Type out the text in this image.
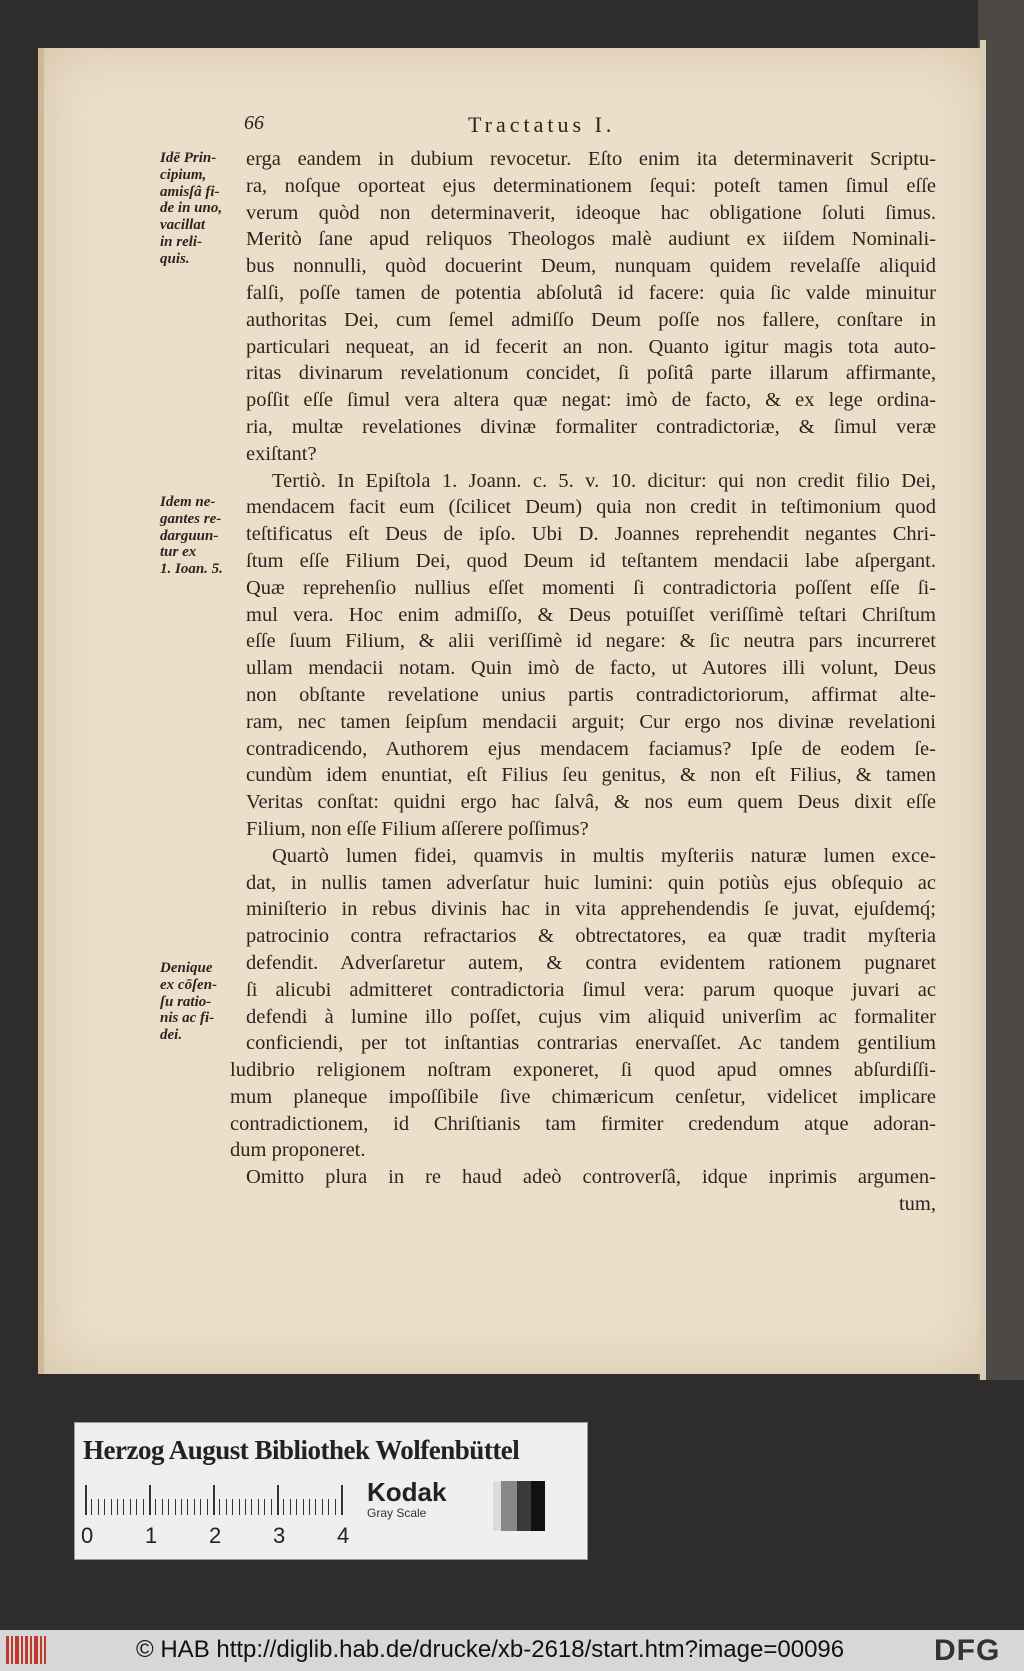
66	Tractatus I.
Idē Prin-
cipium,
amisſâ fi-
de in uno,
vacillat
in reli-
quis.
Idem ne-
gantes re-
darguun-
tur ex
1. Ioan. 5.
Denique
ex cōſen-
ſu ratio-
nis ac fi-
dei.
erga eandem in dubium revocetur. Eſto enim ita determinaverit Scriptu-
ra, noſque oporteat ejus determinationem ſequi: poteſt tamen ſimul eſſe
verum quòd non determinaverit, ideoque hac obligatione ſoluti ſimus.
Meritò ſane apud reliquos Theologos malè audiunt ex iiſdem Nominali-
bus nonnulli, quòd docuerint Deum, nunquam quidem revelaſſe aliquid
falſi, poſſe tamen de potentia abſolutâ id facere: quia ſic valde minuitur
authoritas Dei, cum ſemel admiſſo Deum poſſe nos fallere, conſtare in
particulari nequeat, an id fecerit an non. Quanto igitur magis tota auto-
ritas divinarum revelationum concidet, ſi poſitâ parte illarum affirmante,
poſſit eſſe ſimul vera altera quæ negat: imò de facto, & ex lege ordina-
ria, multæ revelationes divinæ formaliter contradictoriæ, & ſimul veræ
exiſtant?
Tertiò. In Epiſtola 1. Joann. c. 5. v. 10. dicitur: qui non credit filio Dei,
mendacem facit eum (ſcilicet Deum) quia non credit in teſtimonium quod
teſtificatus eſt Deus de ipſo. Ubi D. Joannes reprehendit negantes Chri-
ſtum eſſe Filium Dei, quod Deum id teſtantem mendacii labe aſpergant.
Quæ reprehenſio nullius eſſet momenti ſi contradictoria poſſent eſſe ſi-
mul vera. Hoc enim admiſſo, & Deus potuiſſet veriſſimè teſtari Chriſtum
eſſe ſuum Filium, & alii veriſſimè id negare: & ſic neutra pars incurreret
ullam mendacii notam. Quin imò de facto, ut Autores illi volunt, Deus
non obſtante revelatione unius partis contradictoriorum, affirmat alte-
ram, nec tamen ſeipſum mendacii arguit; Cur ergo nos divinæ revelationi
contradicendo, Authorem ejus mendacem faciamus? Ipſe de eodem ſe-
cundùm idem enuntiat, eſt Filius ſeu genitus, & non eſt Filius, & tamen
Veritas conſtat: quidni ergo hac ſalvâ, & nos eum quem Deus dixit eſſe
Filium, non eſſe Filium aſſerere poſſimus?
Quartò lumen fidei, quamvis in multis myſteriis naturæ lumen exce-
dat, in nullis tamen adverſatur huic lumini: quin potiùs ejus obſequio ac
miniſterio in rebus divinis hac in vita apprehendendis ſe juvat, ejuſdemq́;
patrocinio contra refractarios & obtrectatores, ea quæ tradit myſteria
defendit. Adverſaretur autem, & contra evidentem rationem pugnaret
ſi alicubi admitteret contradictoria ſimul vera: parum quoque juvari ac
defendi à lumine illo poſſet, cujus vim aliquid univerſim ac formaliter
conficiendi, per tot inſtantias contrarias enervaſſet. Ac tandem gentilium
ludibrio religionem noſtram exponeret, ſi quod apud omnes abſurdiſſi-
mum planeque impoſſibile ſive chimæricum cenſetur, videlicet implicare
contradictionem, id Chriſtianis tam firmiter credendum atque adoran-
dum proponeret.
Omitto plura in re haud adeò controverſâ, idque inprimis argumen-
tum,
Herzog August Bibliothek Wolfenbüttel
0 1 2 3 4
Kodak
Gray Scale
© HAB http://diglib.hab.de/drucke/xb-2618/start.htm?image=00096	DFG
